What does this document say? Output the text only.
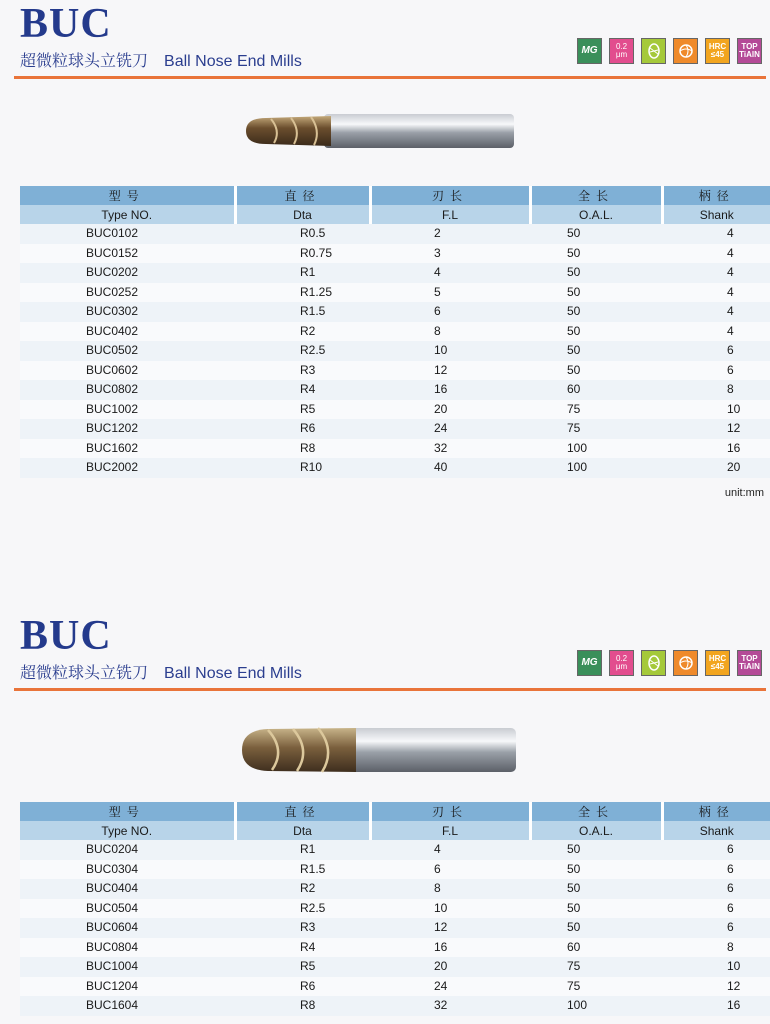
BUC
超微粒球头立铣刀 Ball Nose End Mills
MG	0.2 μm
HRC ≤45
TOP TiAlN
型号	直径	刃长	全长	柄径
Type NO.	Dta	F.L	O.A.L.	Shank
BUC0102	R0.5	2	50	4
BUC0152	R0.75	3	50	4
BUC0202	R1	4	50	4
BUC0252	R1.25	5	50	4
BUC0302	R1.5	6	50	4
BUC0402	R2	8	50	4
BUC0502	R2.5	10	50	6
BUC0602	R3	12	50	6
BUC0802	R4	16	60	8
BUC1002	R5	20	75	10
BUC1202	R6	24	75	12
BUC1602	R8	32	100	16
BUC2002	R10	40	100	20
unit:mm
BUC
超微粒球头立铣刀 Ball Nose End Mills
MG	0.2 μm
HRC ≤45
TOP TiAlN
型号	直径	刃长	全长	柄径
Type NO.	Dta	F.L	O.A.L.	Shank
BUC0204	R1	4	50	6
BUC0304	R1.5	6	50	6
BUC0404	R2	8	50	6
BUC0504	R2.5	10	50	6
BUC0604	R3	12	50	6
BUC0804	R4	16	60	8
BUC1004	R5	20	75	10
BUC1204	R6	24	75	12
BUC1604	R8	32	100	16
